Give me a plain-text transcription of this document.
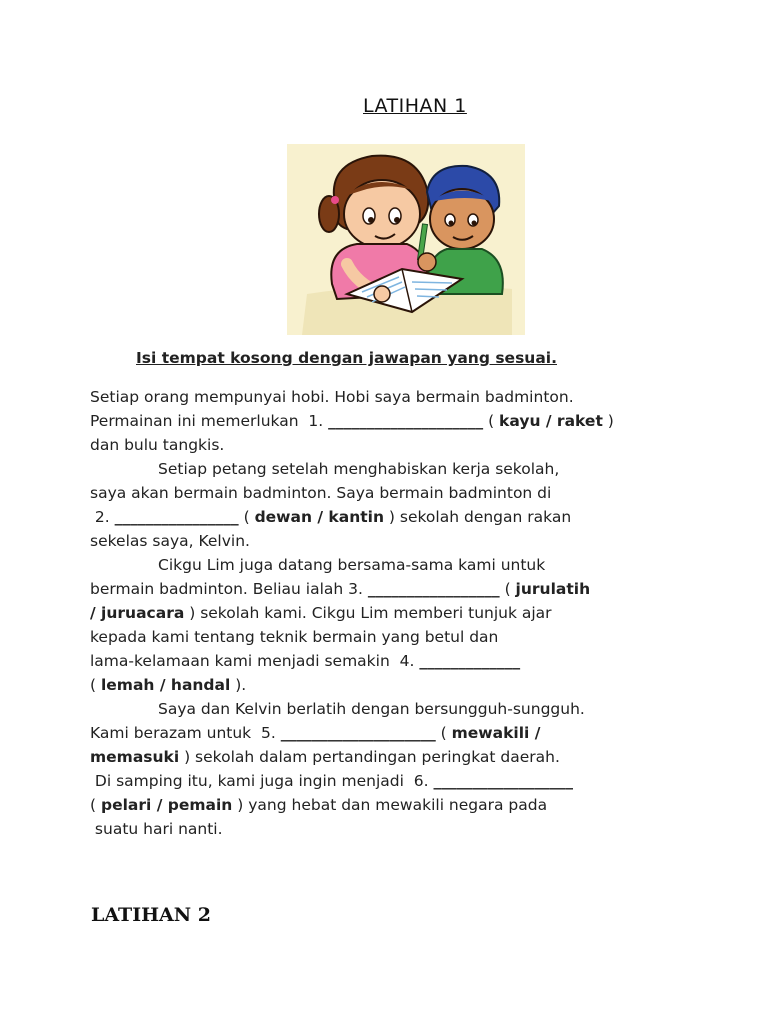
LATIHAN 1

Isi tempat kosong dengan jawapan yang sesuai.

Setiap orang mempunyai hobi. Hobi saya bermain badminton.
Permainan ini memerlukan  1. ____________________ ( kayu / raket )
dan bulu tangkis.
Setiap petang setelah menghabiskan kerja sekolah,
saya akan bermain badminton. Saya bermain badminton di
2. ________________ ( dewan / kantin ) sekolah dengan rakan
sekelas saya, Kelvin.
Cikgu Lim juga datang bersama-sama kami untuk
bermain badminton. Beliau ialah 3. _________________ ( jurulatih
/ juruacara ) sekolah kami. Cikgu Lim memberi tunjuk ajar
kepada kami tentang teknik bermain yang betul dan
lama-kelamaan kami menjadi semakin  4. _____________
( lemah / handal ).
Saya dan Kelvin berlatih dengan bersungguh-sungguh.
Kami berazam untuk  5. ____________________ ( mewakili /
memasuki ) sekolah dalam pertandingan peringkat daerah.
Di samping itu, kami juga ingin menjadi  6. __________________
( pelari / pemain ) yang hebat dan mewakili negara pada
suatu hari nanti.
LATIHAN 2
